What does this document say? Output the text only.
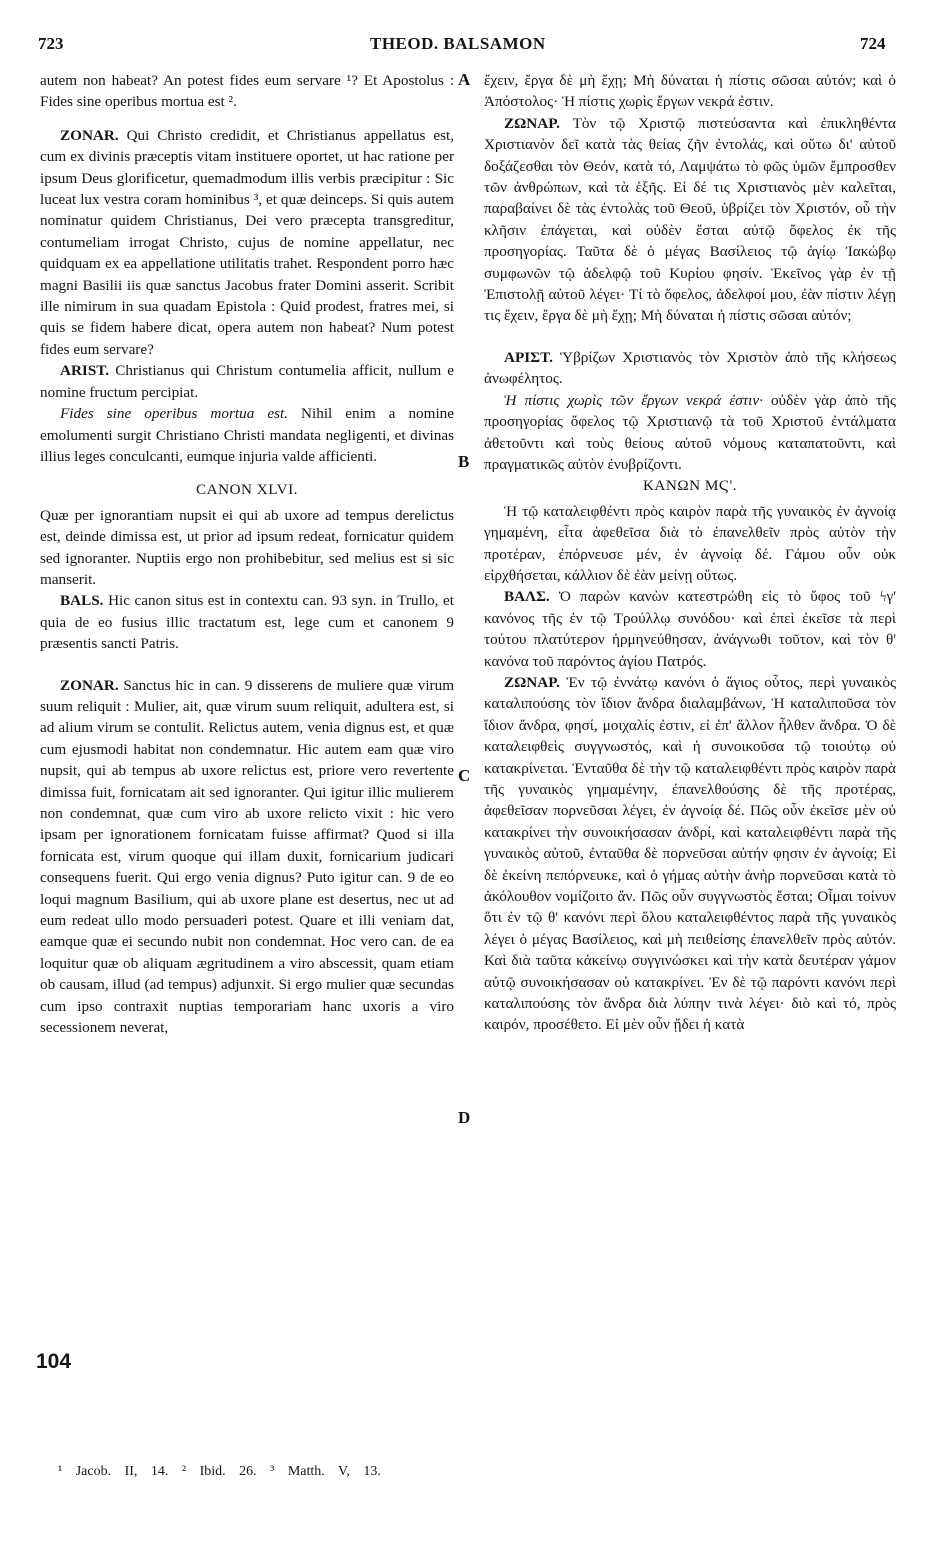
723	THEOD. BALSAMON	724

autem non habeat? An potest fides eum servare ¹? Et Apostolus : Fides sine operibus mortua est ².

ZONAR. Qui Christo credidit, et Christianus appellatus est, cum ex divinis præceptis vitam instituere oportet, ut hac ratione per ipsum Deus glorificetur, quemadmodum illis verbis præcipitur : Sic luceat lux vestra coram hominibus ³, et quæ deinceps. Si quis autem nominatur quidem Christianus, Dei vero præcepta transgreditur, contumeliam irrogat Christo, cujus de nomine appellatur, nec quidquam ex ea appellatione utilitatis trahet. Respondent porro hæc magni Basilii iis quæ sanctus Jacobus frater Domini asserit. Scribit ille nimirum in sua quadam Epistola : Quid prodest, fratres mei, si quis se fidem habere dicat, opera autem non habeat? Num potest fides eum servare?

ARIST. Christianus qui Christum contumelia afficit, nullum e nomine fructum percipiat.

Fides sine operibus mortua est. Nihil enim a nomine emolumenti surgit Christiano Christi mandata negligenti, et divinas illius leges conculcanti, eumque injuria valde afficienti.

CANON XLVI.

Quæ per ignorantiam nupsit ei qui ab uxore ad tempus derelictus est, deinde dimissa est, ut prior ad ipsum redeat, fornicatur quidem sed ignoranter. Nuptiis ergo non prohibebitur, sed melius est si sic manserit.

BALS. Hic canon situs est in contextu can. 93 syn. in Trullo, et quia de eo fusius illic tractatum est, lege cum et canonem 9 præsentis sancti Patris.

ZONAR. Sanctus hic in can. 9 disserens de muliere quæ virum suum reliquit : Mulier, ait, quæ virum suum reliquit, adultera est, si ad alium virum se contulit. Relictus autem, venia dignus est, et quæ cum ejusmodi habitat non condemnatur. Hic autem eam quæ viro nupsit, qui ab tempus ab uxore relictus est, priore vero revertente dimissa fuit, fornicatam ait sed ignoranter. Qui igitur illic mulierem non condemnat, quæ cum viro ab uxore relicto vixit : hic vero ipsam per ignorationem fornicatam fuisse affirmat? Quod si illa fornicata est, virum quoque qui illam duxit, fornicarium judicari consequens fuerit. Qui ergo venia dignus? Puto igitur can. 9 de eo loqui magnum Basilium, qui ab uxore plane est desertus, nec ut ad eum redeat ullo modo persuaderi potest. Quare et illi veniam dat, eamque quæ ei secundo nubit non condemnat. Hoc vero can. de ea loquitur quæ ob aliquam ægritudinem a viro abscessit, quam etiam ob causam, illud (ad tempus) adjunxit. Si ergo mulier quæ secundas cum ipso contraxit nuptias temporariam hanc uxoris a viro secessionem neverat,

ἔχειν, ἔργα δὲ μὴ ἔχῃ; Μὴ δύναται ἡ πίστις σῶσαι αὐτόν; καὶ ὁ Ἀπόστολος· Ἡ πίστις χωρὶς ἔργων νεκρά ἐστιν.

ΖΩΝΑΡ. Τὸν τῷ Χριστῷ πιστεύσαντα καὶ ἐπικληθέντα Χριστιανὸν δεῖ κατὰ τὰς θείας ζῆν ἐντολάς, καὶ οὕτω δι' αὐτοῦ δοξάζεσθαι τὸν Θεόν, κατὰ τό, Λαμψάτω τὸ φῶς ὑμῶν ἔμπροσθεν τῶν ἀνθρώπων, καὶ τὰ ἑξῆς. Εἰ δέ τις Χριστιανὸς μὲν καλεῖται, παραβαίνει δὲ τὰς ἐντολὰς τοῦ Θεοῦ, ὑβρίζει τὸν Χριστόν, οὗ τὴν κλῆσιν ἐπάγεται, καὶ οὐδὲν ἔσται αὐτῷ ὄφελος ἐκ τῆς προσηγορίας. Ταῦτα δὲ ὁ μέγας Βασίλειος τῷ ἁγίῳ Ἰακώβῳ συμφωνῶν τῷ ἀδελφῷ τοῦ Κυρίου φησίν. Ἐκεῖνος γὰρ ἐν τῇ Ἐπιστολῇ αὐτοῦ λέγει· Τί τὸ ὄφελος, ἀδελφοί μου, ἐὰν πίστιν λέγῃ τις ἔχειν, ἔργα δὲ μὴ ἔχῃ; Μὴ δύναται ἡ πίστις σῶσαι αὐτόν;

ΑΡΙΣΤ. Ὑβρίζων Χριστιανὸς τὸν Χριστὸν ἀπὸ τῆς κλήσεως ἀνωφέλητος.

Ἡ πίστις χωρὶς τῶν ἔργων νεκρά ἐστιν· οὐδὲν γὰρ ἀπὸ τῆς προσηγορίας ὄφελος τῷ Χριστιανῷ τὰ τοῦ Χριστοῦ ἐντάλματα ἀθετοῦντι καὶ τοὺς θείους αὐτοῦ νόμους καταπατοῦντι, καὶ πραγματικῶς αὐτὸν ἐνυβρίζοντι.

ΚΑΝΩΝ ΜϚ'.

Ἡ τῷ καταλειφθέντι πρὸς καιρὸν παρὰ τῆς γυναικὸς ἐν ἀγνοίᾳ γημαμένη, εἶτα ἀφεθεῖσα διὰ τὸ ἐπανελθεῖν πρὸς αὐτὸν τὴν προτέραν, ἐπόρνευσε μέν, ἐν ἀγνοίᾳ δέ. Γάμου οὖν οὐκ εἰρχθήσεται, κάλλιον δὲ ἐὰν μείνῃ οὕτως.

ΒΑΛΣ. Ὁ παρὼν κανὼν κατεστρώθη εἰς τὸ ὕφος τοῦ ϟγ' κανόνος τῆς ἐν τῷ Τρούλλῳ συνόδου· καὶ ἐπεὶ ἐκεῖσε τὰ περὶ τούτου πλατύτερον ἡρμηνεύθησαν, ἀνάγνωθι τοῦτον, καὶ τὸν θ' κανόνα τοῦ παρόντος ἁγίου Πατρός.

ΖΩΝΑΡ. Ἐν τῷ ἐννάτῳ κανόνι ὁ ἅγιος οὗτος, περὶ γυναικὸς καταλιπούσης τὸν ἴδιον ἄνδρα διαλαμβάνων, Ἡ καταλιποῦσα τὸν ἴδιον ἄνδρα, φησί, μοιχαλίς ἐστιν, εἰ ἐπ' ἄλλον ἦλθεν ἄνδρα. Ὁ δὲ καταλειφθεὶς συγγνωστός, καὶ ἡ συνοικοῦσα τῷ τοιούτῳ οὐ κατακρίνεται. Ἐνταῦθα δὲ τὴν τῷ καταλειφθέντι πρὸς καιρὸν παρὰ τῆς γυναικὸς γημαμένην, ἐπανελθούσης δὲ τῆς προτέρας, ἀφεθεῖσαν πορνεῦσαι λέγει, ἐν ἀγνοίᾳ δέ. Πῶς οὖν ἐκεῖσε μὲν οὐ κατακρίνει τὴν συνοικήσασαν ἀνδρί, καὶ καταλειφθέντι παρὰ τῆς γυναικὸς αὐτοῦ, ἐνταῦθα δὲ πορνεῦσαι αὐτήν φησιν ἐν ἀγνοίᾳ; Εἰ δὲ ἐκείνη πεπόρνευκε, καὶ ὁ γήμας αὐτὴν ἀνὴρ πορνεῦσαι κατὰ τὸ ἀκόλουθον νομίζοιτο ἄν. Πῶς οὖν συγγνωστὸς ἔσται; Οἶμαι τοίνυν ὅτι ἐν τῷ θ' κανόνι περὶ ὅλου καταλειφθέντος παρὰ τῆς γυναικὸς λέγει ὁ μέγας Βασίλειος, καὶ μὴ πειθείσης ἐπανελθεῖν πρὸς αὐτόν. Καὶ διὰ ταῦτα κἀκείνῳ συγγινώσκει καὶ τὴν κατὰ δευτέραν γάμον αὐτῷ συνοικήσασαν οὐ κατακρίνει. Ἐν δὲ τῷ παρόντι κανόνι περὶ καταλιπούσης τὸν ἄνδρα διὰ λύπην τινὰ λέγει· διὸ καὶ τό, πρὸς καιρόν, προσέθετο. Εἰ μὲν οὖν ᾔδει ἡ κατὰ

A
B
C
D
104
¹ Jacob. II, 14. ² Ibid. 26. ³ Matth. V, 13.
